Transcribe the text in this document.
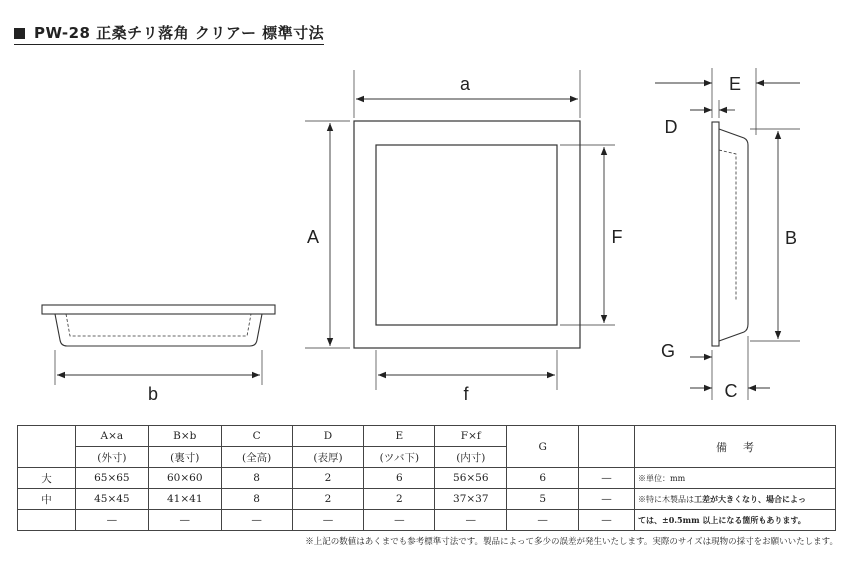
PW-28 正桑チリ落角 クリアー 標準寸法
a
A	F
f
b
E
D
B
G
C
	A×a	B×b	C	D	E	F×f	G		備考
	(外寸)	(裏寸)	(全高)	(表厚)	(ツバ下)	(内寸)			
大	65×65	60×60	8	2	6	56×56	6	—	※単位：mm
中	45×45	41×41	8	2	2	37×37	5	—	※特に木製品は工差が大きくなり、場合によっ
	—	—	—	—	—	—	—	—	ては、±0.5mm 以上になる箇所もあります。
※上記の数値はあくまでも参考標準寸法です。製品によって多少の誤差が発生いたします。実際のサイズは現物の採寸をお願いいたします。
